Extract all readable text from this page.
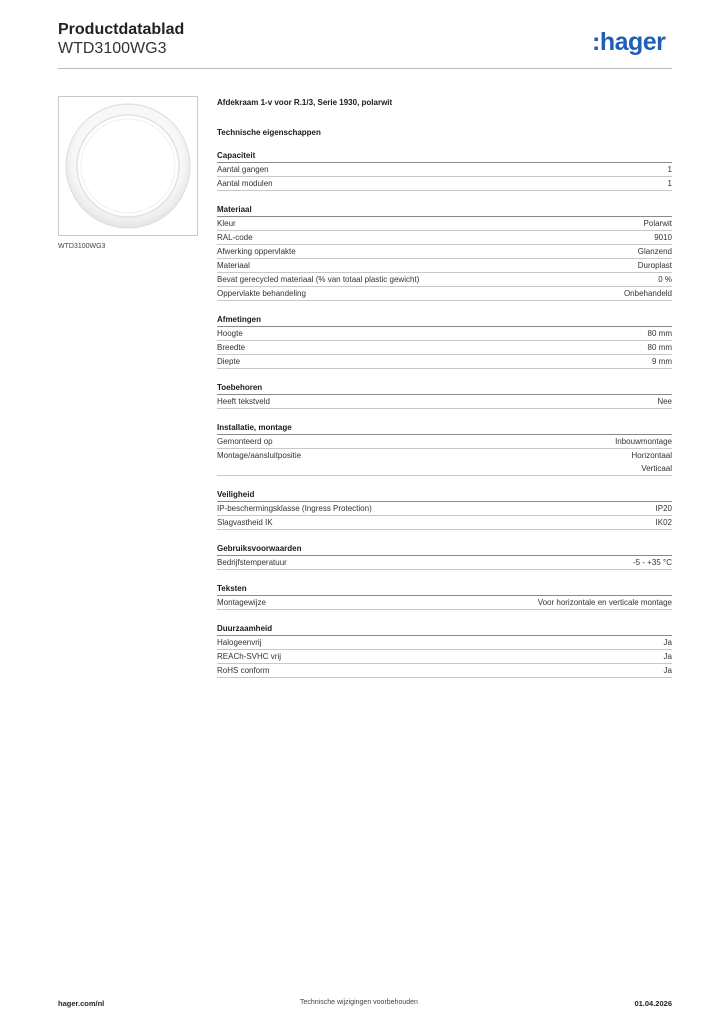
Productdatablad
WTD3100WG3	:hager
WTD3100WG3
Afdekraam 1-v voor R.1/3, Serie 1930, polarwit
Technische eigenschappen
Capaciteit
Aantal gangen	1
Aantal modulen	1
Materiaal
Kleur	Polarwit
RAL-code	9010
Afwerking oppervlakte	Glanzend
Materiaal	Duroplast
Bevat gerecycled materiaal (% van totaal plastic gewicht)	0 %
Oppervlakte behandeling	Onbehandeld
Afmetingen
Hoogte	80 mm
Breedte	80 mm
Diepte	9 mm
Toebehoren
Heeft tekstveld	Nee
Installatie, montage
Gemonteerd op	Inbouwmontage
Montage/aansluitpositie	Horizontaal
Verticaal
Veiligheid
IP-beschermingsklasse (Ingress Protection)	IP20
Slagvastheid IK	IK02
Gebruiksvoorwaarden
Bedrijfstemperatuur	-5 - +35 °C
Teksten
Montagewijze	Voor horizontale en verticale montage
Duurzaamheid
Halogeenvrij	Ja
REACh-SVHC vrij	Ja
RoHS conform	Ja
hager.com/nl	Technische wijzigingen voorbehouden	01.04.2026
